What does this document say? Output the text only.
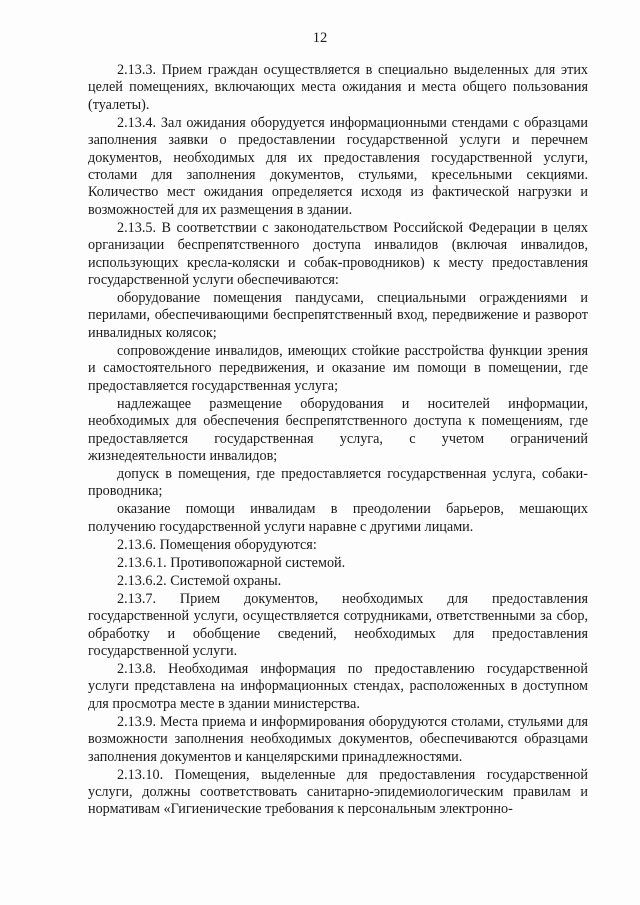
12

2.13.3. Прием граждан осуществляется в специально выделенных для этих целей помещениях, включающих места ожидания и места общего пользования (туалеты).

2.13.4. Зал ожидания оборудуется информационными стендами с образцами заполнения заявки о предоставлении государственной услуги и перечнем документов, необходимых для их предоставления государственной услуги, столами для заполнения документов, стульями, кресельными секциями. Количество мест ожидания определяется исходя из фактической нагрузки и возможностей для их размещения в здании.

2.13.5. В соответствии с законодательством Российской Федерации в целях организации беспрепятственного доступа инвалидов (включая инвалидов, использующих кресла-коляски и собак-проводников) к месту предоставления государственной услуги обеспечиваются:

оборудование помещения пандусами, специальными ограждениями и перилами, обеспечивающими беспрепятственный вход, передвижение и разворот инвалидных колясок;

сопровождение инвалидов, имеющих стойкие расстройства функции зрения и самостоятельного передвижения, и оказание им помощи в помещении, где предоставляется государственная услуга;

надлежащее размещение оборудования и носителей информации, необходимых для обеспечения беспрепятственного доступа к помещениям, где предоставляется государственная услуга, с учетом ограничений жизнедеятельности инвалидов;

допуск в помещения, где предоставляется государственная услуга, собаки-проводника;

оказание помощи инвалидам в преодолении барьеров, мешающих получению государственной услуги наравне с другими лицами.

2.13.6. Помещения оборудуются:

2.13.6.1. Противопожарной системой.

2.13.6.2. Системой охраны.

2.13.7. Прием документов, необходимых для предоставления государственной услуги, осуществляется сотрудниками, ответственными за сбор, обработку и обобщение сведений, необходимых для предоставления государственной услуги.

2.13.8. Необходимая информация по предоставлению государственной услуги представлена на информационных стендах, расположенных в доступном для просмотра месте в здании министерства.

2.13.9. Места приема и информирования оборудуются столами, стульями для возможности заполнения необходимых документов, обеспечиваются образцами заполнения документов и канцелярскими принадлежностями.

2.13.10. Помещения, выделенные для предоставления государственной услуги, должны соответствовать санитарно-эпидемиологическим правилам и нормативам «Гигиенические требования к персональным электронно-
